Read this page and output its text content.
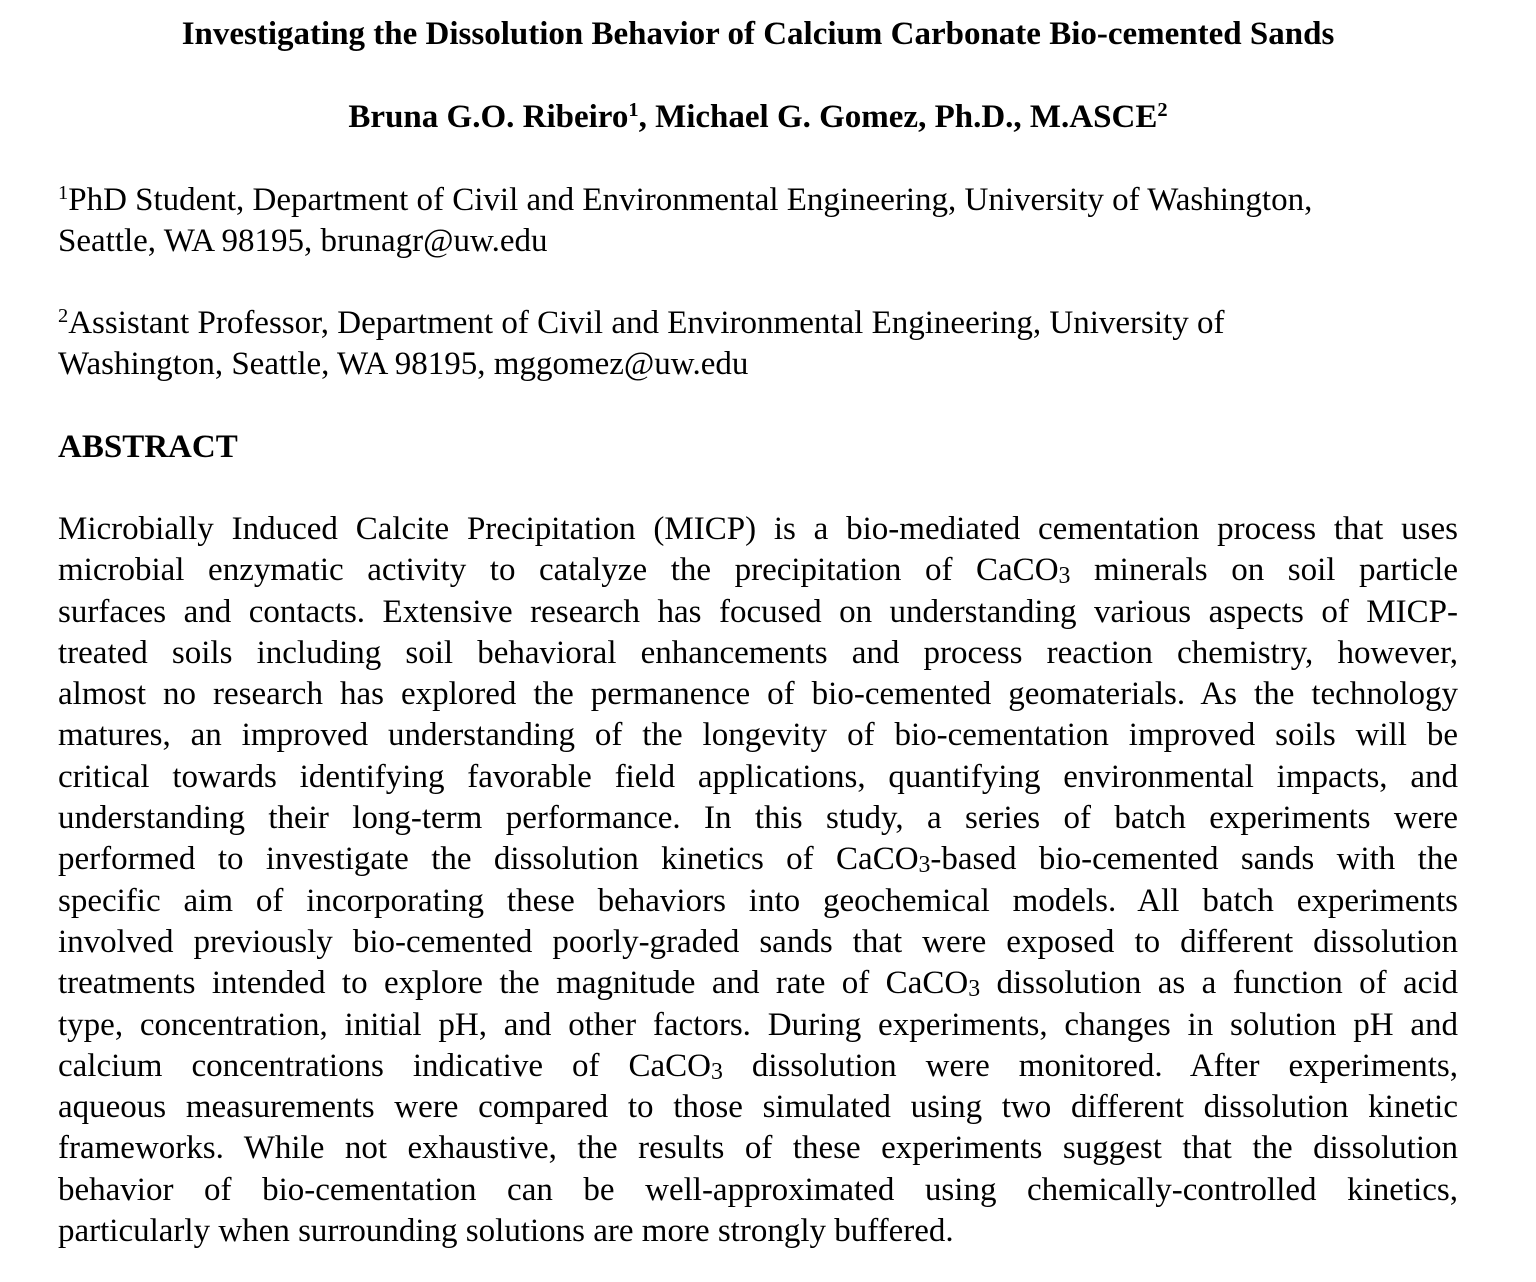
Investigating the Dissolution Behavior of Calcium Carbonate Bio-cemented Sands
Bruna G.O. Ribeiro$^1$, Michael G. Gomez, Ph.D., M.ASCE$^2$
$^1$PhD Student, Department of Civil and Environmental Engineering, University of Washington,
Seattle, WA 98195, brunagr@uw.edu
$^2$Assistant Professor, Department of Civil and Environmental Engineering, University of
Washington, Seattle, WA 98195, mggomez@uw.edu
ABSTRACT
Microbially Induced Calcite Precipitation (MICP) is a bio-mediated cementation process that uses
microbial enzymatic activity to catalyze the precipitation of CaCO3 minerals on soil particle
surfaces and contacts. Extensive research has focused on understanding various aspects of MICP-
treated soils including soil behavioral enhancements and process reaction chemistry, however,
almost no research has explored the permanence of bio-cemented geomaterials. As the technology
matures, an improved understanding of the longevity of bio-cementation improved soils will be
critical towards identifying favorable field applications, quantifying environmental impacts, and
understanding their long-term performance. In this study, a series of batch experiments were
performed to investigate the dissolution kinetics of CaCO3-based bio-cemented sands with the
specific aim of incorporating these behaviors into geochemical models. All batch experiments
involved previously bio-cemented poorly-graded sands that were exposed to different dissolution
treatments intended to explore the magnitude and rate of CaCO3 dissolution as a function of acid
type, concentration, initial pH, and other factors. During experiments, changes in solution pH and
calcium concentrations indicative of CaCO3 dissolution were monitored. After experiments,
aqueous measurements were compared to those simulated using two different dissolution kinetic
frameworks. While not exhaustive, the results of these experiments suggest that the dissolution
behavior of bio-cementation can be well-approximated using chemically-controlled kinetics,
particularly when surrounding solutions are more strongly buffered.
